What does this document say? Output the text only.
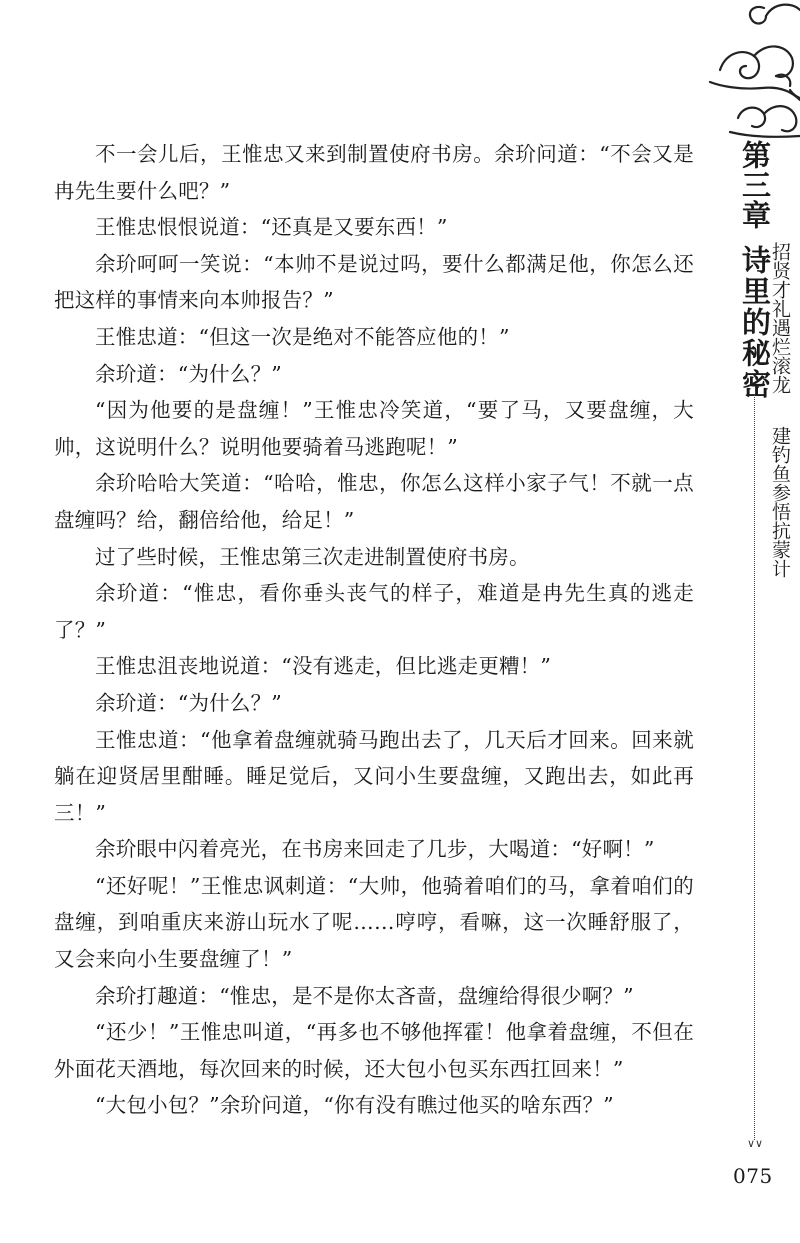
不一会儿后，王惟忠又来到制置使府书房。余玠问道：“不会又是冉先生要什么吧？”

王惟忠恨恨说道：“还真是又要东西！”

余玠呵呵一笑说：“本帅不是说过吗，要什么都满足他，你怎么还把这样的事情来向本帅报告？”

王惟忠道：“但这一次是绝对不能答应他的！”

余玠道：“为什么？”

“因为他要的是盘缠！”王惟忠冷笑道，“要了马，又要盘缠，大帅，这说明什么？说明他要骑着马逃跑呢！”

余玠哈哈大笑道：“哈哈，惟忠，你怎么这样小家子气！不就一点盘缠吗？给，翻倍给他，给足！”

过了些时候，王惟忠第三次走进制置使府书房。

余玠道：“惟忠，看你垂头丧气的样子，难道是冉先生真的逃走了？”

王惟忠沮丧地说道：“没有逃走，但比逃走更糟！”

余玠道：“为什么？”

王惟忠道：“他拿着盘缠就骑马跑出去了，几天后才回来。回来就躺在迎贤居里酣睡。睡足觉后，又问小生要盘缠，又跑出去，如此再三！”

余玠眼中闪着亮光，在书房来回走了几步，大喝道：“好啊！”

“还好呢！”王惟忠讽刺道：“大帅，他骑着咱们的马，拿着咱们的盘缠，到咱重庆来游山玩水了呢……哼哼，看嘛，这一次睡舒服了，又会来向小生要盘缠了！”

余玠打趣道：“惟忠，是不是你太吝啬，盘缠给得很少啊？”

“还少！”王惟忠叫道，“再多也不够他挥霍！他拿着盘缠，不但在外面花天酒地，每次回来的时候，还大包小包买东西扛回来！”

“大包小包？”余玠问道，“你有没有瞧过他买的啥东西？”

第三章
诗里的秘密
招贤才礼遇烂滚龙
建钓鱼参悟抗蒙计
∨∨
075
